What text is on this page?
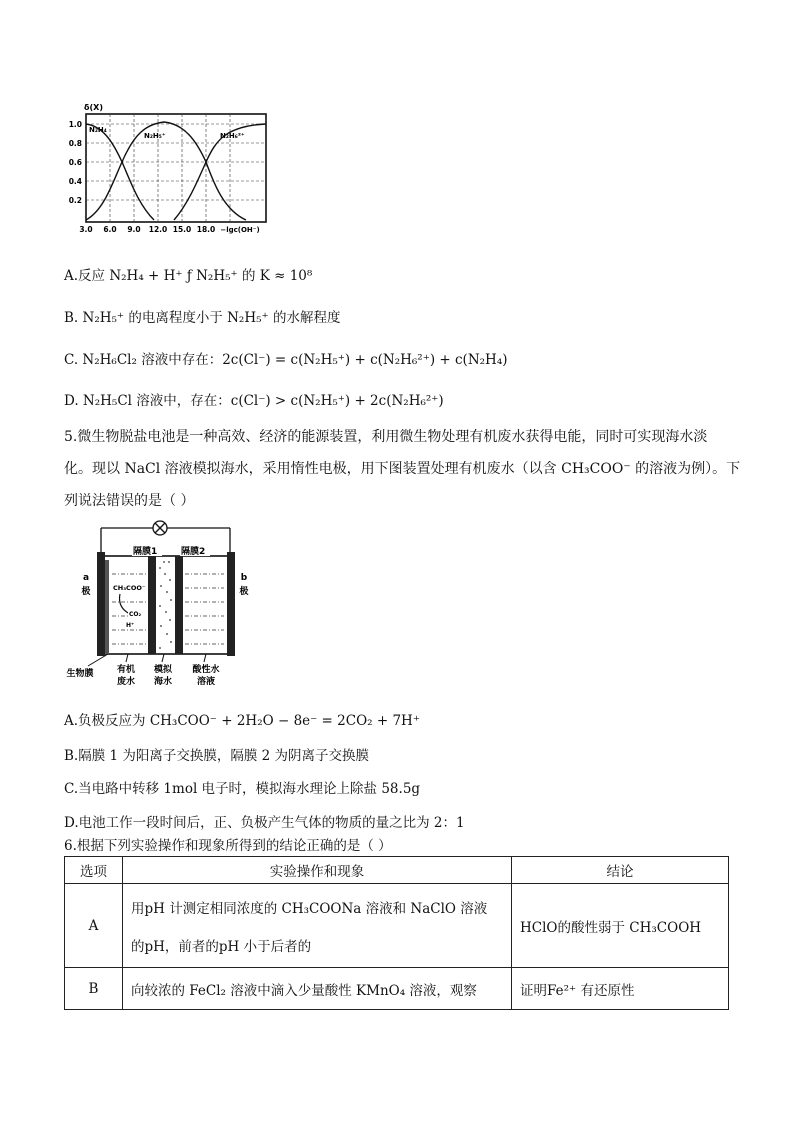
δ(X)
1.0
0.8
0.6
0.4
0.2
3.0 6.0 9.0 12.0 15.0 18.0 −lgc(OH⁻)
N₂H₄
N₂H₅⁺	N₂H₆²⁺
A.反应 N₂H₄ + H⁺ ƒ N₂H₅⁺ 的 K ≈ 10⁸
B. N₂H₅⁺ 的电离程度小于 N₂H₅⁺ 的水解程度
C. N₂H₆Cl₂ 溶液中存在：2c(Cl⁻) = c(N₂H₅⁺) + c(N₂H₆²⁺) + c(N₂H₄)
D. N₂H₅Cl 溶液中，存在：c(Cl⁻) > c(N₂H₅⁺) + 2c(N₂H₆²⁺)
5.微生物脱盐电池是一种高效、经济的能源装置，利用微生物处理有机废水获得电能，同时可实现海水淡
化。现以 NaCl 溶液模拟海水，采用惰性电极，用下图装置处理有机废水（以含 CH₃COO⁻ 的溶液为例）。下
列说法错误的是（ ）
隔膜1	隔膜2
a
极
b
极
CH₃COO⁻
CO₂
H⁺
生物膜	有机
废水
模拟
海水
酸性水
溶液
A.负极反应为 CH₃COO⁻ + 2H₂O − 8e⁻ = 2CO₂ + 7H⁺
B.隔膜 1 为阳离子交换膜，隔膜 2 为阴离子交换膜
C.当电路中转移 1mol 电子时，模拟海水理论上除盐 58.5g
D.电池工作一段时间后，正、负极产生气体的物质的量之比为 2：1
6.根据下列实验操作和现象所得到的结论正确的是（ ）
选项	实验操作和现象	结论
A	用pH 计测定相同浓度的 CH₃COONa 溶液和 NaClO 溶液
的pH，前者的pH 小于后者的	HClO的酸性弱于 CH₃COOH
B	向较浓的 FeCl₂ 溶液中滴入少量酸性 KMnO₄ 溶液，观察	证明Fe²⁺ 有还原性
